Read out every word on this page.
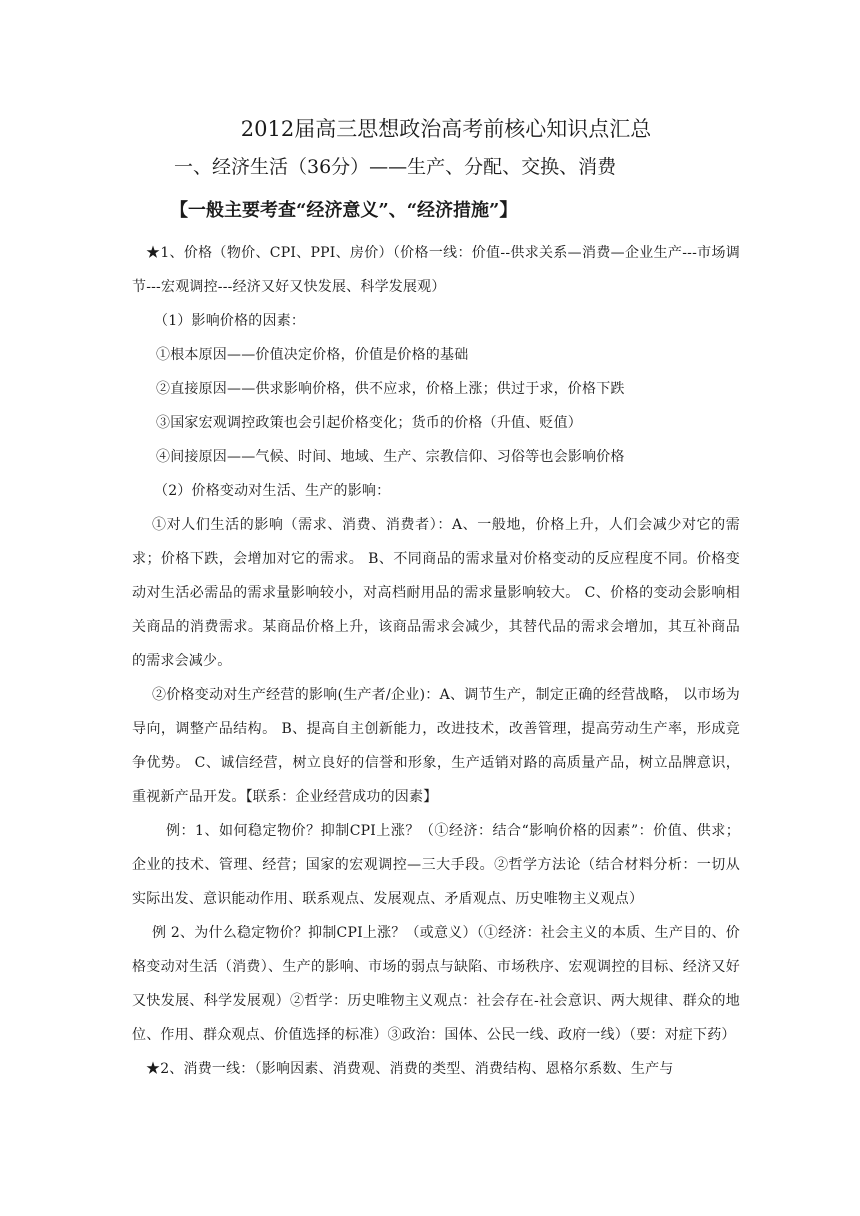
2012届高三思想政治高考前核心知识点汇总
一、经济生活（36分）——生产、分配、交换、消费
【一般主要考查“经济意义”、“经济措施”】

★1、价格（物价、CPI、PPI、房价）（价格一线：价值--供求关系—消费—企业生产---市场调节---宏观调控---经济又好又快发展、科学发展观）

（1）影响价格的因素：

①根本原因——价值决定价格，价值是价格的基础

②直接原因——供求影响价格，供不应求，价格上涨；供过于求，价格下跌

③国家宏观调控政策也会引起价格变化；货币的价格（升值、贬值）

④间接原因——气候、时间、地域、生产、宗教信仰、习俗等也会影响价格

（2）价格变动对生活、生产的影响：

①对人们生活的影响（需求、消费、消费者）：A、一般地，价格上升，人们会减少对它的需求；价格下跌，会增加对它的需求。 B、不同商品的需求量对价格变动的反应程度不同。价格变动对生活必需品的需求量影响较小，对高档耐用品的需求量影响较大。 C、价格的变动会影响相关商品的消费需求。某商品价格上升，该商品需求会减少，其替代品的需求会增加，其互补商品的需求会减少。

②价格变动对生产经营的影响(生产者/企业)：A、调节生产，制定正确的经营战略， 以市场为导向，调整产品结构。 B、提高自主创新能力，改进技术，改善管理，提高劳动生产率，形成竞争优势。 C、诚信经营，树立良好的信誉和形象，生产适销对路的高质量产品，树立品牌意识，重视新产品开发。【联系：企业经营成功的因素】

例：1、如何稳定物价？抑制CPI上涨？（①经济：结合“影响价格的因素”：价值、供求；企业的技术、管理、经营；国家的宏观调控—三大手段。②哲学方法论（结合材料分析：一切从实际出发、意识能动作用、联系观点、发展观点、矛盾观点、历史唯物主义观点）

例 2、为什么稳定物价？抑制CPI上涨？（或意义）（①经济：社会主义的本质、生产目的、价格变动对生活（消费）、生产的影响、市场的弱点与缺陷、市场秩序、宏观调控的目标、经济又好又快发展、科学发展观）②哲学：历史唯物主义观点：社会存在-社会意识、两大规律、群众的地位、作用、群众观点、价值选择的标准）③政治：国体、公民一线、政府一线）（要：对症下药）

★2、消费一线：（影响因素、消费观、消费的类型、消费结构、恩格尔系数、生产与
